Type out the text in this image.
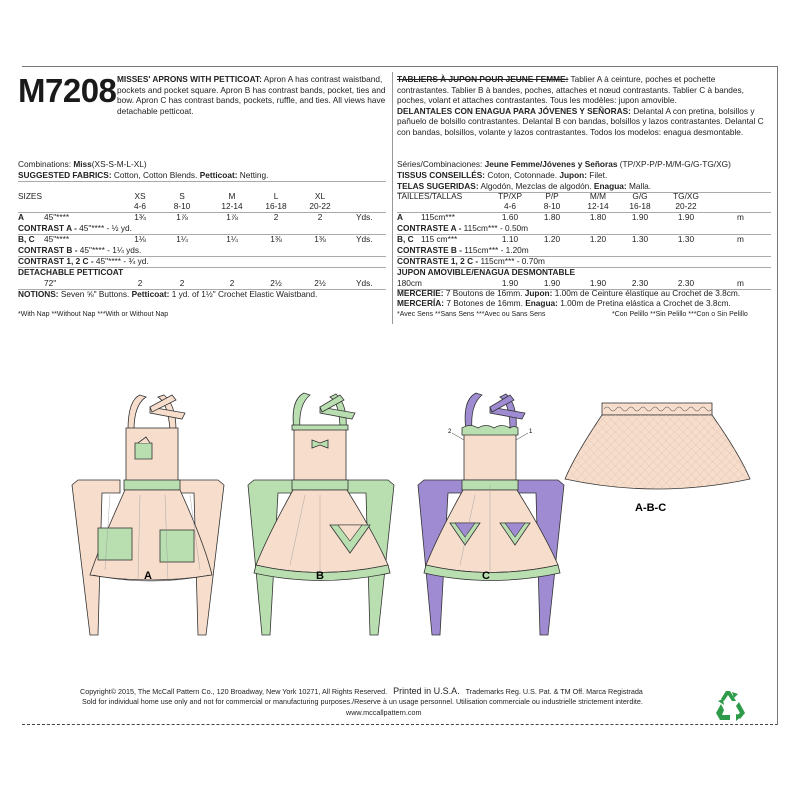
M7208 MISSES' APRONS WITH PETTICOAT: Apron A has contrast waistband, pockets and pocket square. Apron B has contrast bands, pocket, ties and bow. Apron C has contrast bands, pockets, ruffle, and ties. All views have detachable petticoat.
TABLIERS À JUPON POUR JEUNE FEMME: Tablier A à ceinture, poches et pochette contrastantes. Tablier B à bandes, poches, attaches et nœud contrastants. Tablier C à bandes, poches, volant et attaches contrastantes. Tous les modèles: jupon amovible.
DELANTALES CON ENAGUA PARA JÓVENES Y SEÑORAS: Delantal A con pretina, bolsillos y pañuelo de bolsillo contrastantes. Delantal B con bandas, bolsillos y lazos contrastantes. Delantal C con bandas, bolsillos, volante y lazos contrastantes. Todos los modelos: enagua desmontable.
Combinations: Miss(XS-S-M-L-XL)
SUGGESTED FABRICS: Cotton, Cotton Blends. Petticoat: Netting.
SIZES	XS	S	M	L	XL
4-6	8-10	12-14	16-18	20-22
A 45"****	1¾	1⅞	1⅞	2	2	Yds.
CONTRAST A - 45"**** - ½ yd.
B, C 45"****	1⅛	1¼	1¼	1⅜	1⅜	Yds.
CONTRAST B - 45"**** - 1¼ yds.
CONTRAST 1, 2 C - 45"**** - ¾ yd.
DETACHABLE PETTICOAT
72"	2	2	2	2½	2½	Yds.
NOTIONS: Seven ⅝" Buttons. Petticoat: 1 yd. of 1½" Crochet Elastic Waistband.
*With Nap **Without Nap ***With or Without Nap
Séries/Combinaciones: Jeune Femme/Jóvenes y Señoras (TP/XP-P/P-M/M-G/G-TG/XG)
TISSUS CONSEILLÉS: Coton, Cotonnade. Jupon: Filet.
TELAS SUGERIDAS: Algodón, Mezclas de algodón. Enagua: Malla.
TAILLES/TALLAS	TP/XP	P/P	M/M	G/G	TG/XG
4-6	8-10	12-14	16-18	20-22
A 115cm***	1.60	1.80	1.80	1.90	1.90	m
CONTRASTE A - 115cm*** - 0.50m
B, C 115 cm***	1.10	1.20	1.20	1.30	1.30	m
CONTRASTE B - 115cm*** - 1.20m
CONTRASTE 1, 2 C - 115cm*** - 0.70m
JUPON AMOVIBLE/ENAGUA DESMONTABLE
180cm	1.90	1.90	1.90	2.30	2.30	m
MERCERIE: 7 Boutons de 16mm. Jupon: 1.00m de Ceinture élastique au Crochet de 3.8cm.
MERCERÍA: 7 Botones de 16mm. Enagua: 1.00m de Pretina elástica a Crochet de 3.8cm.
*Avec Sens **Sans Sens ***Avec ou Sans Sens	*Con Pelillo **Sin Pelillo ***Con o Sin Pelillo
2	1
A	B	C
A-B-C
Copyright© 2015, The McCall Pattern Co., 120 Broadway, New York 10271, All Rights Reserved. Printed in U.S.A. Trademarks Reg. U.S. Pat. & TM Off. Marca Registrada
Sold for individual home use only and not for commercial or manufacturing purposes./Reserve à un usage personnel. Utilisation commerciale ou industrielle strictement interdite.
www.mccallpattern.com
